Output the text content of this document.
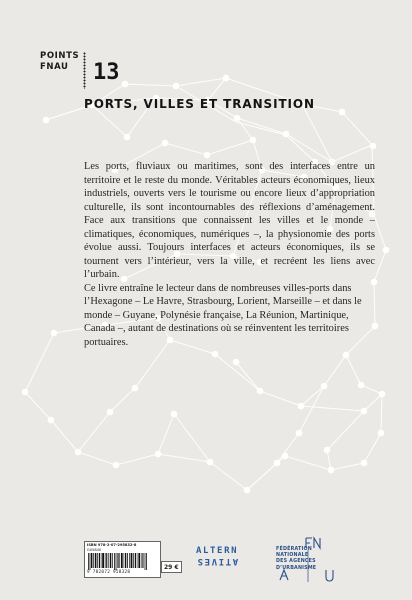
POINTS
FNAU	13
PORTS, VILLES ET TRANSITION

Les ports, fluviaux ou maritimes, sont des interfaces entre un territoire et le reste du monde. Véritables acteurs économiques, lieux industriels, ouverts vers le tourisme ou encore lieux d’appropriation culturelle, ils sont incontournables des réflexions d’aménagement. Face aux transitions que connaissent les villes et le monde – climatiques, économiques, numériques –, la physionomie des ports évolue aussi. Toujours interfaces et acteurs économiques, ils se tournent vers l’intérieur, vers la ville, et recréent les liens avec l’urbain.

Ce livre entraîne le lecteur dans de nombreuses villes-ports dans l’Hexagone – Le Havre, Strasbourg, Lorient, Marseille – et dans le monde – Guyane, Polynésie française, La Réunion, Martinique, Canada –, autant de destinations où se réinventent les territoires portuaires.

ISBN 978-2-07-295832-8
G05840
9 782072 958328
29 €
ALTERN
ATIVES
FÉDÉRATION
NATIONALE
DES AGENCES
D’URBANISME
